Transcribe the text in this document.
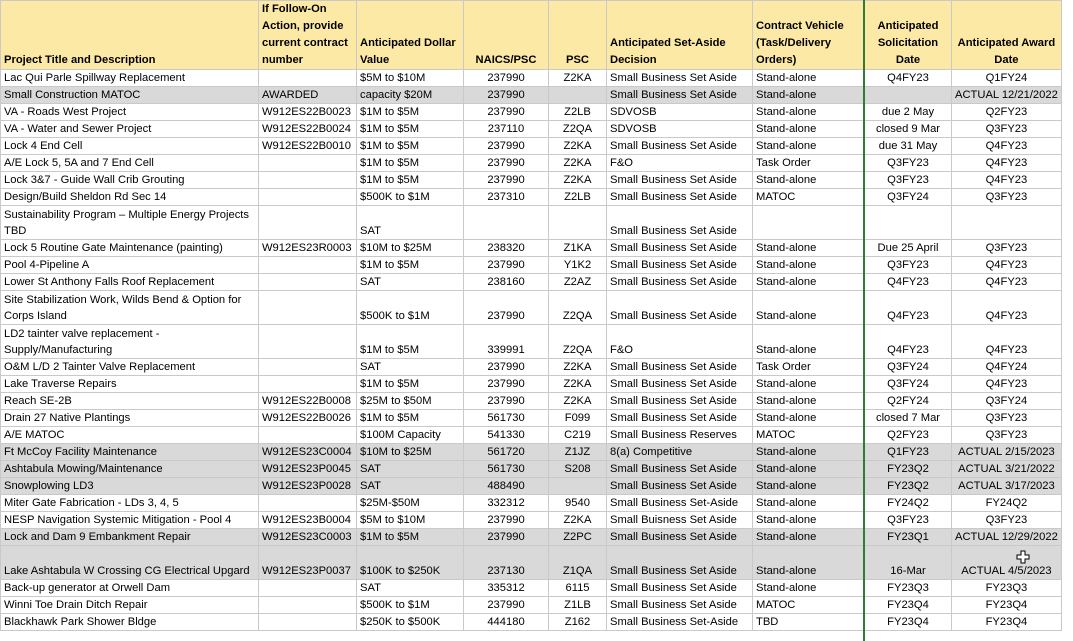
Project Title and Description	If Follow-On Action, provide current contract number	Anticipated Dollar Value	NAICS/PSC	PSC	Anticipated Set-Aside Decision	Contract Vehicle (Task/Delivery Orders)	Anticipated Solicitation Date	Anticipated Award Date
Lac Qui Parle Spillway Replacement		$5M to $10M	237990	Z2KA	Small Business Set Aside	Stand-alone	Q4FY23	Q1FY24
Small Construction MATOC	AWARDED	capacity $20M	237990		Small Business Set Aside	Stand-alone		ACTUAL 12/21/2022
VA - Roads West Project	W912ES22B0023	$1M to $5M	237990	Z2LB	SDVOSB	Stand-alone	due 2 May	Q2FY23
VA - Water and Sewer Project	W912ES22B0024	$1M to $5M	237110	Z2QA	SDVOSB	Stand-alone	closed 9 Mar	Q3FY23
Lock 4 End Cell	W912ES22B0010	$1M to $5M	237990	Z2KA	Small Business Set Aside	Stand-alone	due 31 May	Q4FY23
A/E Lock 5, 5A and 7 End Cell		$1M to $5M	237990	Z2KA	F&O	Task Order	Q3FY23	Q4FY23
Lock 3&7 - Guide Wall Crib Grouting		$1M to $5M	237990	Z2KA	Small Business Set Aside	Stand-alone	Q3FY23	Q4FY23
Design/Build Sheldon Rd Sec 14		$500K to $1M	237310	Z2LB	Small Business Set Aside	MATOC	Q3FY24	Q3FY23
Sustainability Program – Multiple Energy Projects TBD		SAT			Small Business Set Aside			
Lock 5 Routine Gate Maintenance (painting)	W912ES23R0003	$10M to $25M	238320	Z1KA	Small Business Set Aside	Stand-alone	Due 25 April	Q3FY23
Pool 4-Pipeline A		$1M to $5M	237990	Y1K2	Small Business Set Aside	Stand-alone	Q3FY23	Q4FY23
Lower St Anthony Falls Roof Replacement		SAT	238160	Z2AZ	Small Business Set Aside	Stand-alone	Q4FY23	Q4FY23
Site Stabilization Work, Wilds Bend & Option for Corps Island		$500K to $1M	237990	Z2QA	Small Business Set Aside	Stand-alone	Q4FY23	Q4FY23
LD2 tainter valve replacement - Supply/Manufacturing		$1M to $5M	339991	Z2QA	F&O	Stand-alone	Q4FY23	Q4FY23
O&M L/D 2 Tainter Valve Replacement		SAT	237990	Z2KA	Small Business Set Aside	Task Order	Q3FY24	Q4FY24
Lake Traverse Repairs		$1M to $5M	237990	Z2KA	Small Business Set Aside	Stand-alone	Q3FY24	Q4FY23
Reach SE-2B	W912ES22B0008	$25M to $50M	237990	Z2KA	Small Business Set Aside	Stand-alone	Q2FY24	Q3FY24
Drain 27 Native Plantings	W912ES22B0026	$1M to $5M	561730	F099	Small Business Set Aside	Stand-alone	closed 7 Mar	Q3FY23
A/E MATOC		$100M Capacity	541330	C219	Small Business Reserves	MATOC	Q2FY23	Q3FY23
Ft McCoy Facility Maintenance	W912ES23C0004	$10M to $25M	561720	Z1JZ	8(a) Competitive	Stand-alone	Q1FY23	ACTUAL 2/15/2023
Ashtabula Mowing/Maintenance	W912ES23P0045	SAT	561730	S208	Small Business Set Aside	Stand-alone	FY23Q2	ACTUAL 3/21/2022
Snowplowing LD3	W912ES23P0028	SAT	488490		Small Business Set Aside	Stand-alone	FY23Q2	ACTUAL 3/17/2023
Miter Gate Fabrication - LDs 3, 4, 5		$25M-$50M	332312	9540	Small Business Set-Aside	Stand-alone	FY24Q2	FY24Q2
NESP Navigation Systemic Mitigation - Pool 4	W912ES23B0004	$5M to $10M	237990	Z2KA	Small Buisness Set Aside	Stand-alone	Q3FY23	Q3FY23
Lock and Dam 9 Embankment Repair	W912ES23C0003	$1M to $5M	237990	Z2PC	Small Business Set Aside	Stand-alone	FY23Q1	ACTUAL 12/29/2022
Lake Ashtabula W Crossing CG Electrical Upgard	W912ES23P0037	$100K to $250K	237130	Z1QA	Small Business Set Aside	Stand-alone	16-Mar	ACTUAL 4/5/2023
Back-up generator at Orwell Dam		SAT	335312	6115	Small Business Set Aside	Stand-alone	FY23Q3	FY23Q3
Winni Toe Drain Ditch Repair		$500K to $1M	237990	Z1LB	Small Business Set Aside	MATOC	FY23Q4	FY23Q4
Blackhawk Park Shower Bldge		$250K to $500K	444180	Z162	Small Business Set-Aside	TBD	FY23Q4	FY23Q4
